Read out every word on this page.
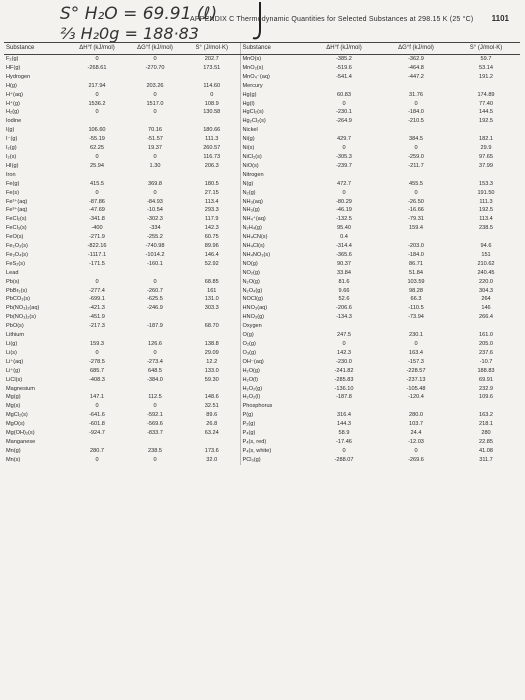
S° H₂O = 69.91 (ℓ)
⅔ H₂0g = 188·83
APPENDIX C Thermodynamic Quantities for Selected Substances at 298.15 K (25 °C) 1101
Substance	ΔH°f (kJ/mol)	ΔG°f (kJ/mol)	S° (J/mol·K)	Substance	ΔH°f (kJ/mol)	ΔG°f (kJ/mol)	S° (J/mol·K)
F₂(g)	0	0	202.7	MnO(s)	-385.2	-362.9	59.7
HF(g)	-268.61	-270.70	173.51	MnO₂(s)	-519.6	-464.8	53.14
Hydrogen				MnO₄⁻(aq)	-541.4	-447.2	191.2
H(g)	217.94	203.26	114.60	Mercury			
H⁺(aq)	0	0	0	Hg(g)	60.83	31.76	174.89
H⁺(g)	1536.2	1517.0	108.9	Hg(l)	0	0	77.40
H₂(g)	0	0	130.58	HgCl₂(s)	-230.1	-184.0	144.5
Iodine				Hg₂Cl₂(s)	-264.9	-210.5	192.5
I(g)	106.60	70.16	180.66	Nickel			
I⁻(g)	-55.19	-51.57	111.3	Ni(g)	429.7	384.5	182.1
I₂(g)	62.25	19.37	260.57	Ni(s)	0	0	29.9
I₂(s)	0	0	116.73	NiCl₂(s)	-305.3	-259.0	97.65
HI(g)	25.94	1.30	206.3	NiO(s)	-239.7	-211.7	37.99
Iron				Nitrogen			
Fe(g)	415.5	369.8	180.5	N(g)	472.7	455.5	153.3
Fe(s)	0	0	27.15	N₂(g)	0	0	191.50
Fe²⁺(aq)	-87.86	-84.93	113.4	NH₃(aq)	-80.29	-26.50	111.3
Fe³⁺(aq)	-47.69	-10.54	293.3	NH₃(g)	-46.19	-16.66	192.5
FeCl₂(s)	-341.8	-302.3	117.9	NH₄⁺(aq)	-132.5	-79.31	113.4
FeCl₃(s)	-400	-334	142.3	N₂H₄(g)	95.40	159.4	238.5
FeO(s)	-271.9	-255.2	60.75	NH₄CN(s)	0.4		
Fe₂O₃(s)	-822.16	-740.98	89.96	NH₄Cl(s)	-314.4	-203.0	94.6
Fe₃O₄(s)	-1117.1	-1014.2	146.4	NH₄NO₃(s)	-365.6	-184.0	151
FeS₂(s)	-171.5	-160.1	52.92	NO(g)	90.37	86.71	210.62
Lead				NO₂(g)	33.84	51.84	240.45
Pb(s)	0	0	68.85	N₂O(g)	81.6	103.59	220.0
PbBr₂(s)	-277.4	-260.7	161	N₂O₄(g)	9.66	98.28	304.3
PbCO₃(s)	-699.1	-625.5	131.0	NOCl(g)	52.6	66.3	264
Pb(NO₃)₂(aq)	-421.3	-246.9	303.3	HNO₃(aq)	-206.6	-110.5	146
Pb(NO₃)₂(s)	-451.9			HNO₃(g)	-134.3	-73.94	266.4
PbO(s)	-217.3	-187.9	68.70	Oxygen			
Lithium				O(g)	247.5	230.1	161.0
Li(g)	159.3	126.6	138.8	O₂(g)	0	0	205.0
Li(s)	0	0	29.09	O₃(g)	142.3	163.4	237.6
Li⁺(aq)	-278.5	-273.4	12.2	OH⁻(aq)	-230.0	-157.3	-10.7
Li⁺(g)	685.7	648.5	133.0	H₂O(g)	-241.82	-228.57	188.83
LiCl(s)	-408.3	-384.0	59.30	H₂O(l)	-285.83	-237.13	69.91
Magnesium				H₂O₂(g)	-136.10	-105.48	232.9
Mg(g)	147.1	112.5	148.6	H₂O₂(l)	-187.8	-120.4	109.6
Mg(s)	0	0	32.51	Phosphorus			
MgCl₂(s)	-641.6	-592.1	89.6	P(g)	316.4	280.0	163.2
MgO(s)	-601.8	-569.6	26.8	P₂(g)	144.3	103.7	218.1
Mg(OH)₂(s)	-924.7	-833.7	63.24	P₄(g)	58.9	24.4	280
Manganese				P₄(s, red)	-17.46	-12.03	22.85
Mn(g)	280.7	238.5	173.6	P₄(s, white)	0	0	41.08
Mn(s)	0	0	32.0	PCl₃(g)	-288.07	-269.6	311.7
